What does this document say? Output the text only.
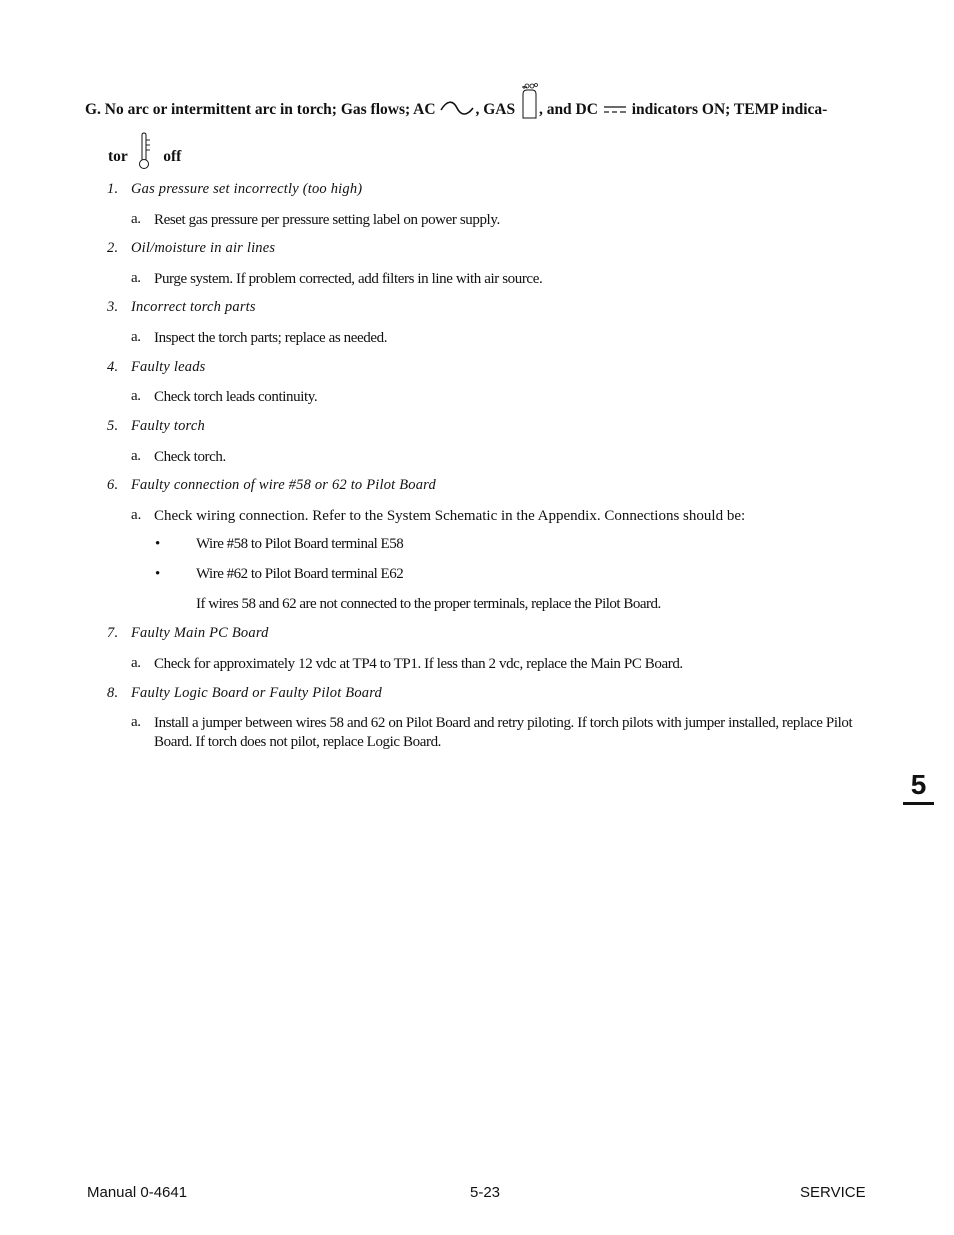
G. No arc or intermittent arc in torch; Gas flows; AC	, GAS , and DC  indicators ON; TEMP indica-
tor off
1. Gas pressure set incorrectly (too high)
a. Reset gas pressure per pressure setting label on power supply.
2. Oil/moisture in air lines
a. Purge system. If problem corrected, add filters in line with air source.
3. Incorrect torch parts
a. Inspect the torch parts; replace as needed.
4. Faulty leads
a. Check torch leads continuity.
5. Faulty torch
a. Check torch.
6. Faulty connection of wire #58 or 62 to Pilot Board
a. Check wiring connection. Refer to the System Schematic in the Appendix. Connections should be:
• Wire #58 to Pilot Board terminal E58
• Wire #62 to Pilot Board terminal E62
If wires 58 and 62 are not connected to the proper terminals, replace the Pilot Board.
7. Faulty Main PC Board
a. Check for approximately 12 vdc at TP4 to TP1. If less than 2 vdc, replace the Main PC Board.
8. Faulty Logic Board or Faulty Pilot Board
a. Install a jumper between wires 58 and 62 on Pilot Board and retry piloting. If torch pilots with jumper installed, replace Pilot Board. If torch does not pilot, replace Logic Board.
5
Manual 0-4641	5-23	SERVICE
